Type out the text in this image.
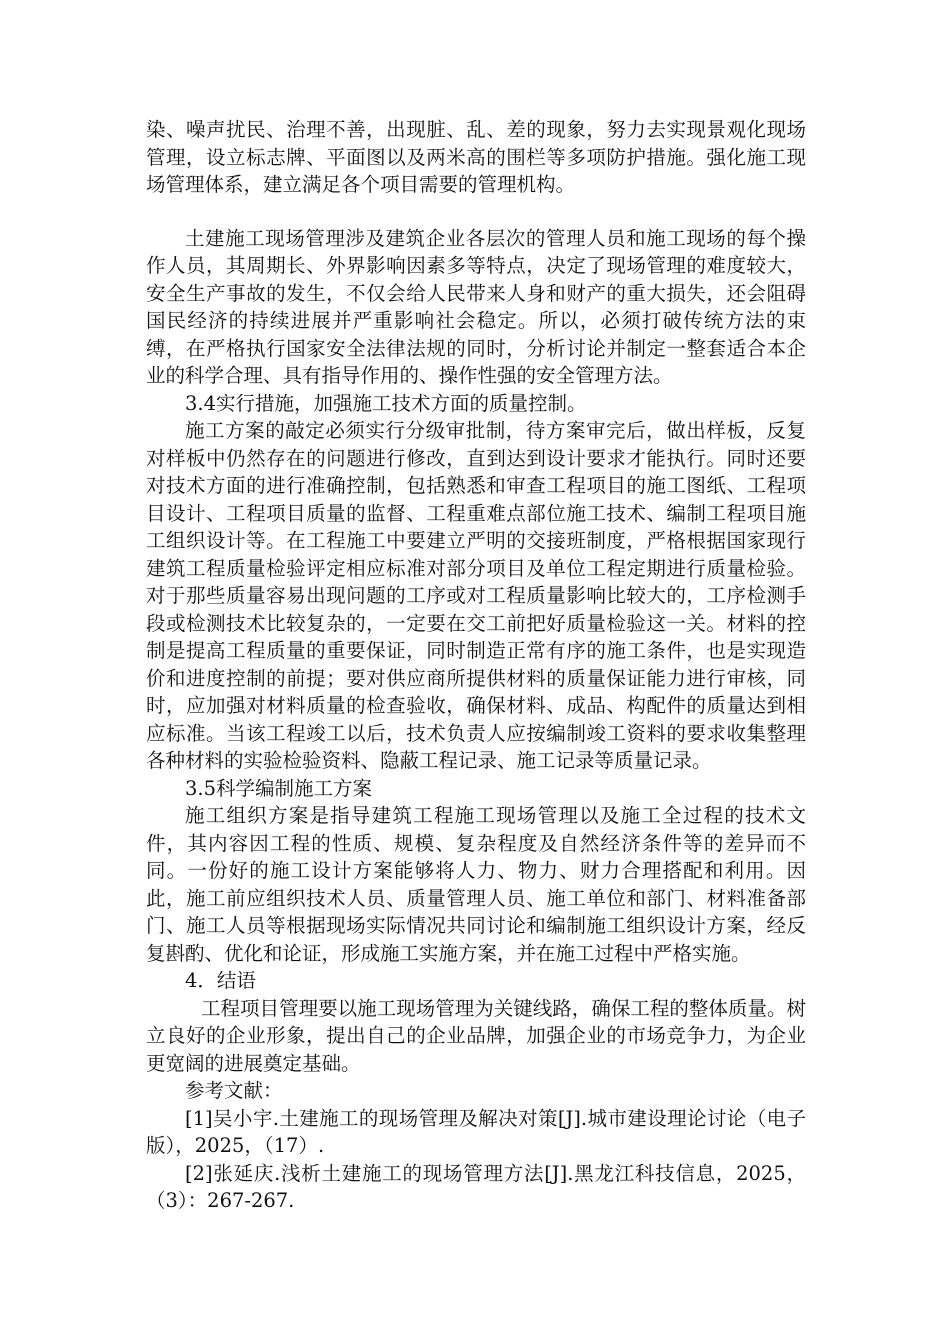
染、噪声扰民、治理不善，出现脏、乱、差的现象，努力去实现景观化现场管理，设立标志牌、平面图以及两米高的围栏等多项防护措施。强化施工现场管理体系，建立满足各个项目需要的管理机构。

土建施工现场管理涉及建筑企业各层次的管理人员和施工现场的每个操作人员，其周期长、外界影响因素多等特点，决定了现场管理的难度较大，安全生产事故的发生，不仅会给人民带来人身和财产的重大损失，还会阻碍国民经济的持续进展并严重影响社会稳定。所以，必须打破传统方法的束缚，在严格执行国家安全法律法规的同时，分析讨论并制定一整套适合本企业的科学合理、具有指导作用的、操作性强的安全管理方法。

3.4实行措施，加强施工技术方面的质量控制。

施工方案的敲定必须实行分级审批制，待方案审完后，做出样板，反复对样板中仍然存在的问题进行修改，直到达到设计要求才能执行。同时还要对技术方面的进行准确控制，包括熟悉和审查工程项目的施工图纸、工程项目设计、工程项目质量的监督、工程重难点部位施工技术、编制工程项目施工组织设计等。在工程施工中要建立严明的交接班制度，严格根据国家现行建筑工程质量检验评定相应标准对部分项目及单位工程定期进行质量检验。对于那些质量容易出现问题的工序或对工程质量影响比较大的，工序检测手段或检测技术比较复杂的，一定要在交工前把好质量检验这一关。材料的控制是提高工程质量的重要保证，同时制造正常有序的施工条件，也是实现造价和进度控制的前提；要对供应商所提供材料的质量保证能力进行审核，同时，应加强对材料质量的检查验收，确保材料、成品、构配件的质量达到相应标准。当该工程竣工以后，技术负责人应按编制竣工资料的要求收集整理各种材料的实验检验资料、隐蔽工程记录、施工记录等质量记录。

3.5科学编制施工方案

施工组织方案是指导建筑工程施工现场管理以及施工全过程的技术文件，其内容因工程的性质、规模、复杂程度及自然经济条件等的差异而不同。一份好的施工设计方案能够将人力、物力、财力合理搭配和利用。因此，施工前应组织技术人员、质量管理人员、施工单位和部门、材料准备部门、施工人员等根据现场实际情况共同讨论和编制施工组织设计方案，经反复斟酌、优化和论证，形成施工实施方案，并在施工过程中严格实施。

4．结语

工程项目管理要以施工现场管理为关键线路，确保工程的整体质量。树立良好的企业形象，提出自己的企业品牌，加强企业的市场竞争力，为企业更宽阔的进展奠定基础。

参考文献：

[1]吴小宇.土建施工的现场管理及解决对策[J].城市建设理论讨论（电子版），2025，（17）.

[2]张延庆.浅析土建施工的现场管理方法[J].黑龙江科技信息，2025，（3）：267-267.
